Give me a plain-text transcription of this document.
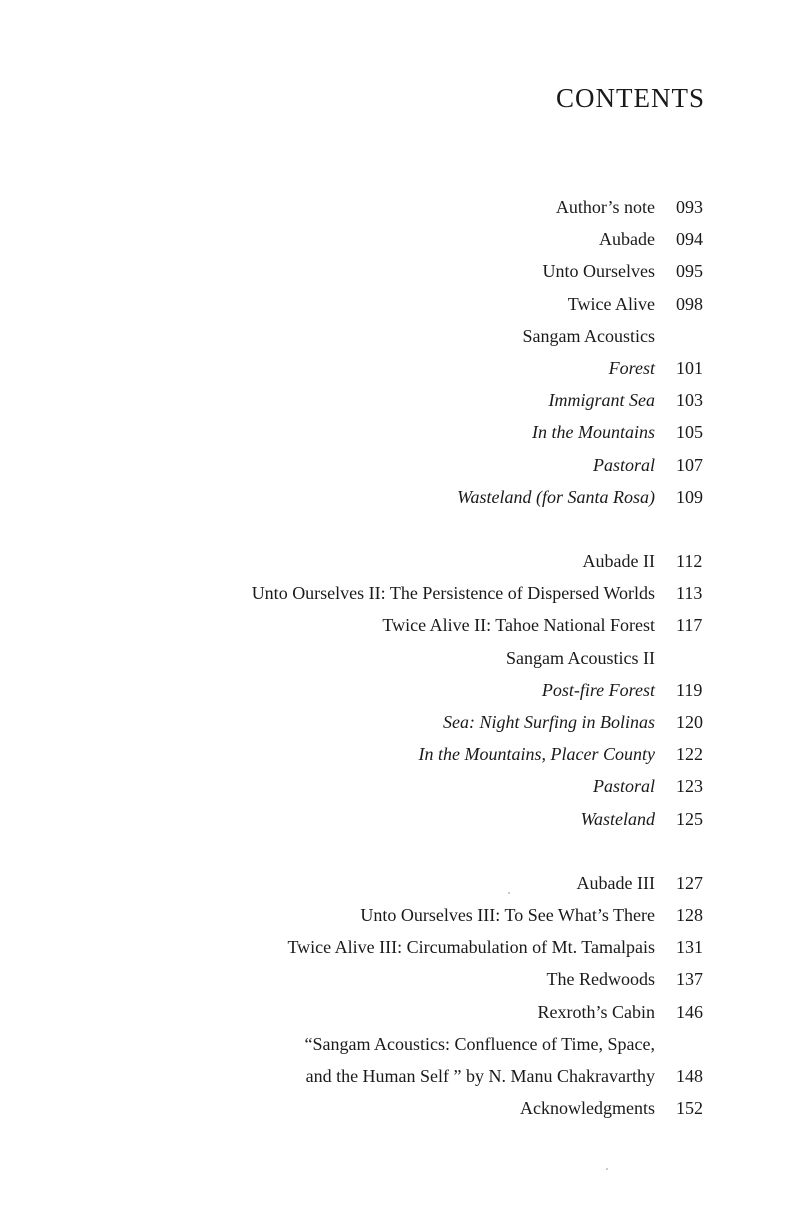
CONTENTS
Author’s note 093
Aubade 094
Unto Ourselves 095
Twice Alive 098
Sangam Acoustics
Forest 101
Immigrant Sea 103
In the Mountains 105
Pastoral 107
Wasteland (for Santa Rosa) 109
Aubade II 112
Unto Ourselves II: The Persistence of Dispersed Worlds 113
Twice Alive II: Tahoe National Forest 117
Sangam Acoustics II
Post-fire Forest 119
Sea: Night Surfing in Bolinas 120
In the Mountains, Placer County 122
Pastoral 123
Wasteland 125
Aubade III 127
Unto Ourselves III: To See What’s There 128
Twice Alive III: Circumabulation of Mt. Tamalpais 131
The Redwoods 137
Rexroth’s Cabin 146
“Sangam Acoustics: Confluence of Time, Space,
and the Human Self ” by N. Manu Chakravarthy 148
Acknowledgments 152
